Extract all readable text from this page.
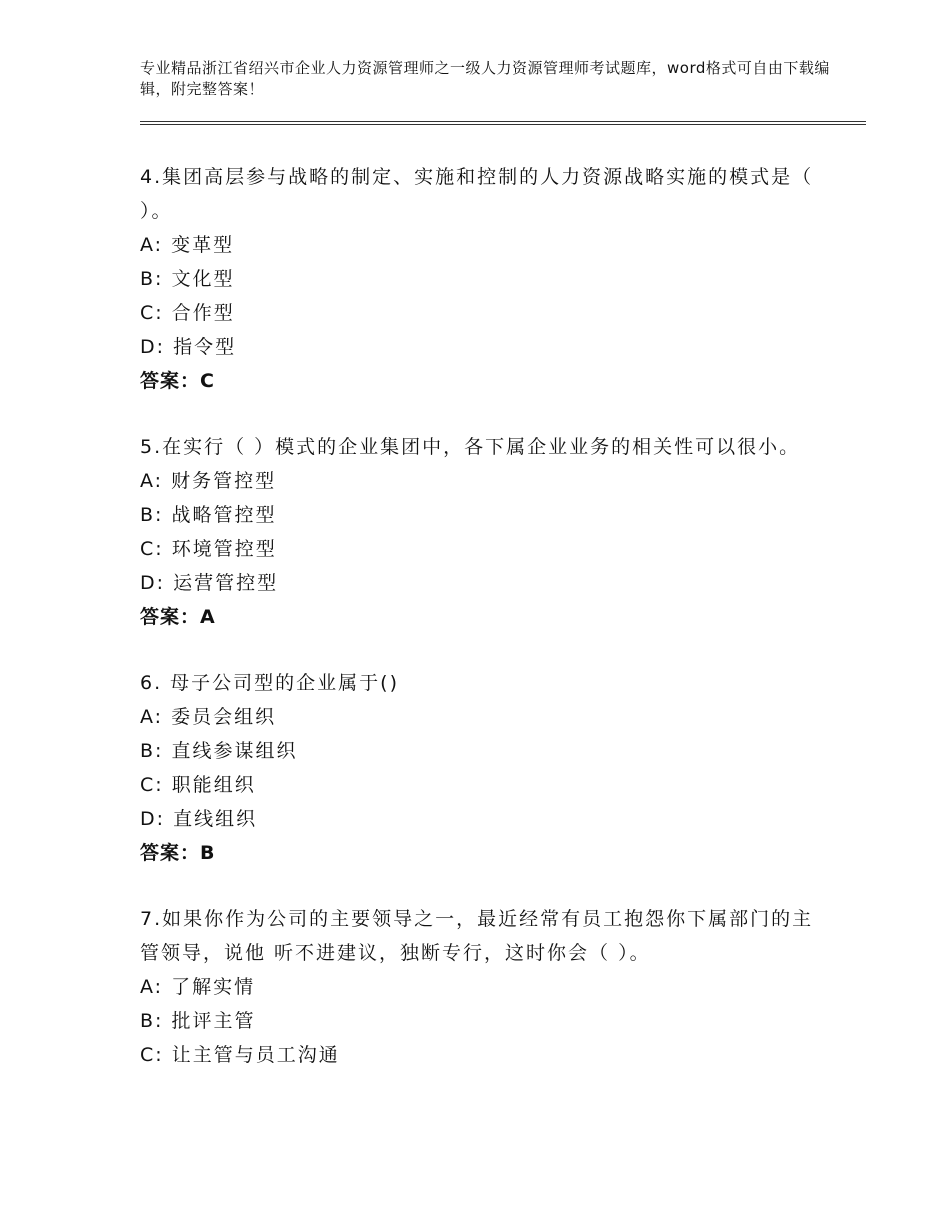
专业精品浙江省绍兴市企业人力资源管理师之一级人力资源管理师考试题库，word格式可自由下载编辑，附完整答案！
4.集团高层参与战略的制定、实施和控制的人力资源战略实施的模式是（ ）。
A: 变革型
B: 文化型
C: 合作型
D: 指令型
答案：C
5.在实行（ ）模式的企业集团中，各下属企业业务的相关性可以很小。
A: 财务管控型
B: 战略管控型
C: 环境管控型
D: 运营管控型
答案：A
6. 母子公司型的企业属于()
A: 委员会组织
B: 直线参谋组织
C: 职能组织
D: 直线组织
答案：B
7.如果你作为公司的主要领导之一，最近经常有员工抱怨你下属部门的主管领导，说他 听不进建议，独断专行，这时你会（ ）。
A: 了解实情
B: 批评主管
C: 让主管与员工沟通
